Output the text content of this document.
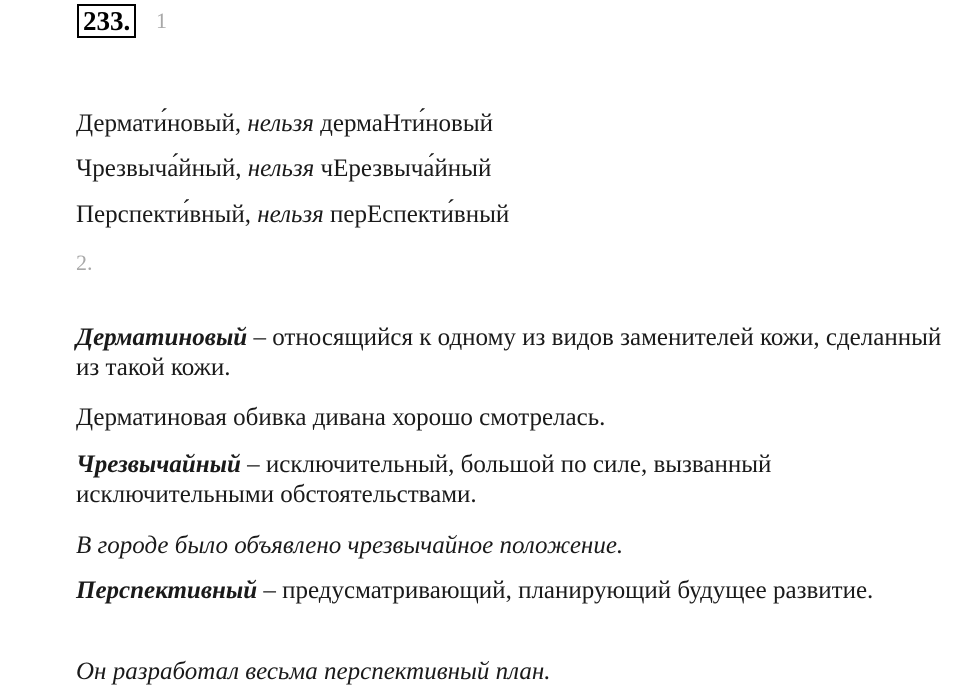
233. 1
Дермати́новый, нельзя дермаНти́новый
Чрезвыча́йный, нельзя чЕрезвыча́йный
Перспекти́вный, нельзя перЕспекти́вный
2.
Дерматиновый – относящийся к одному из видов заменителей кожи, сделанный из такой кожи.
Дерматиновая обивка дивана хорошо смотрелась.
Чрезвычайный – исключительный, большой по силе, вызванный исключительными обстоятельствами.
В городе было объявлено чрезвычайное положение.
Перспективный – предусматривающий, планирующий будущее развитие.
Он разработал весьма перспективный план.
